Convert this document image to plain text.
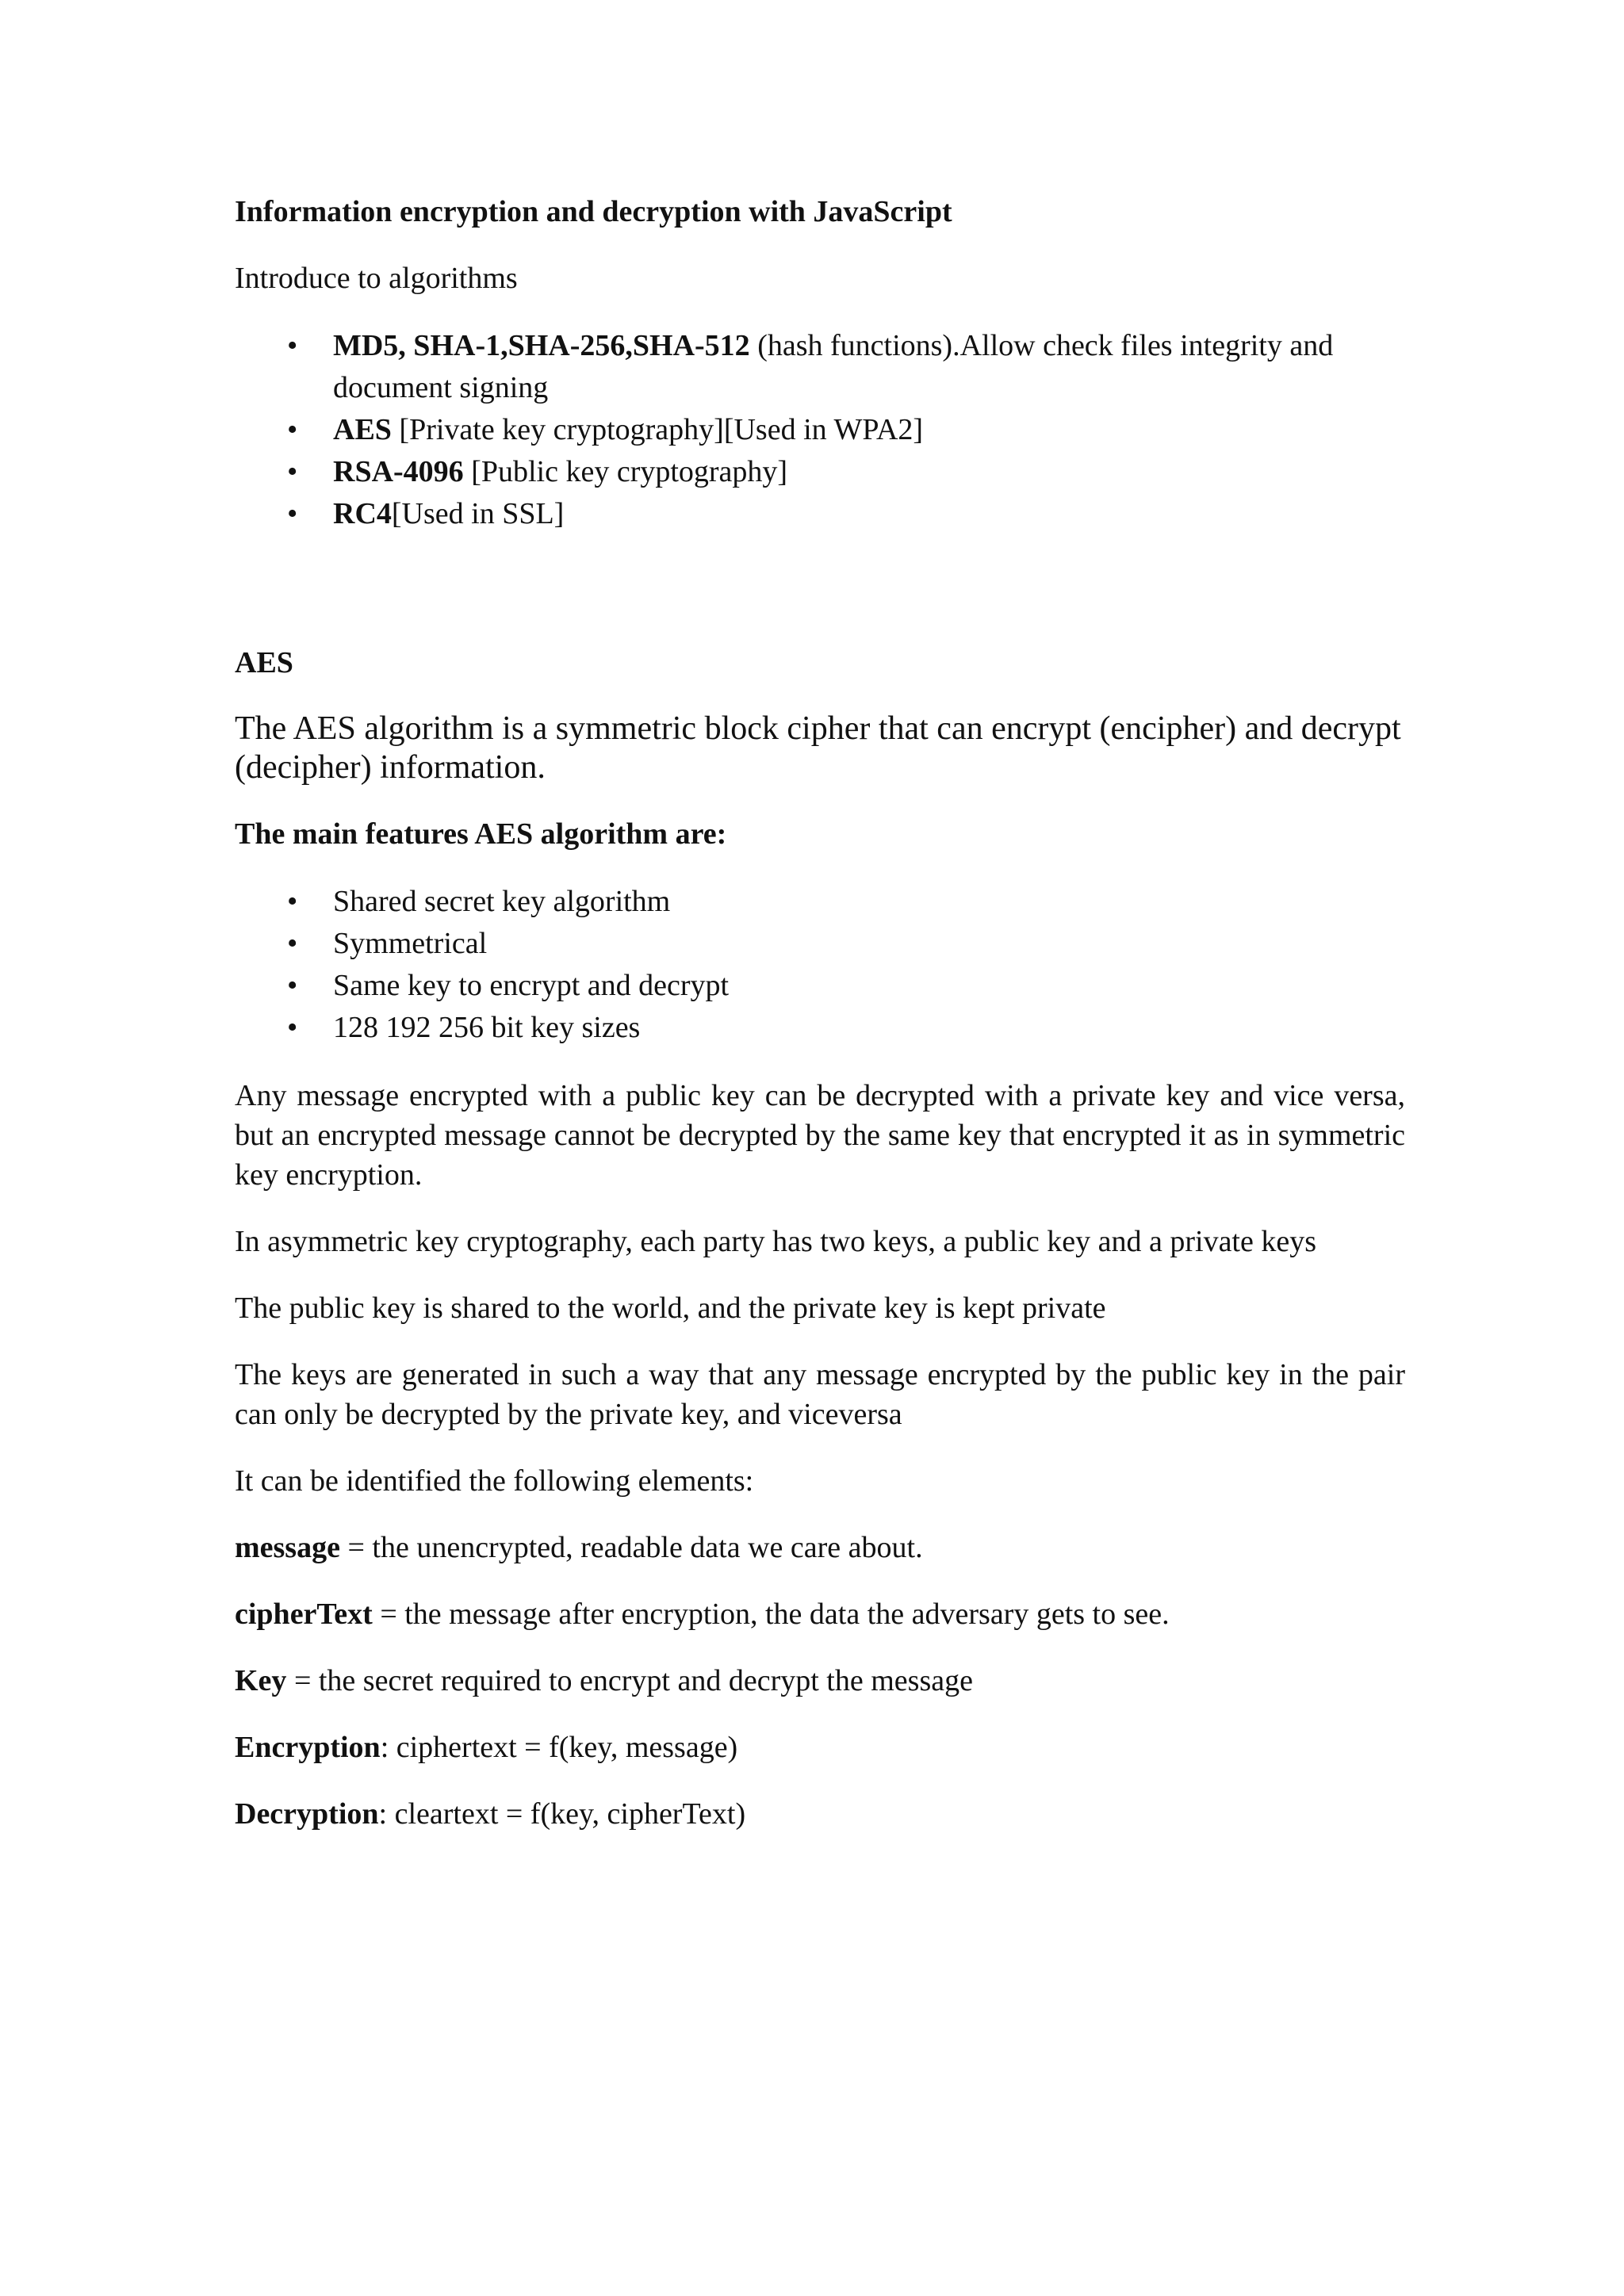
Information encryption and decryption with JavaScript

Introduce to algorithms

• MD5, SHA-1,SHA-256,SHA-512 (hash functions).Allow check files integrity and document signing
• AES [Private key cryptography][Used in WPA2]
• RSA-4096 [Public key cryptography]
• RC4[Used in SSL]
AES

The AES algorithm is a symmetric block cipher that can encrypt (encipher) and decrypt (decipher) information.

The main features AES algorithm are:
• Shared secret key algorithm
• Symmetrical
• Same key to encrypt and decrypt
• 128 192 256 bit key sizes

Any message encrypted with a public key can be decrypted with a private key and vice versa, but an encrypted message cannot be decrypted by the same key that encrypted it as in symmetric key encryption.

In asymmetric key cryptography, each party has two keys, a public key and a private keys

The public key is shared to the world, and the private key is kept private

The keys are generated in such a way that any message encrypted by the public key in the pair can only be decrypted by the private key, and viceversa

It can be identified the following elements:

message = the unencrypted, readable data we care about.

cipherText = the message after encryption, the data the adversary gets to see.

Key = the secret required to encrypt and decrypt the message

Encryption: ciphertext = f(key, message)

Decryption: cleartext = f(key, cipherText)
